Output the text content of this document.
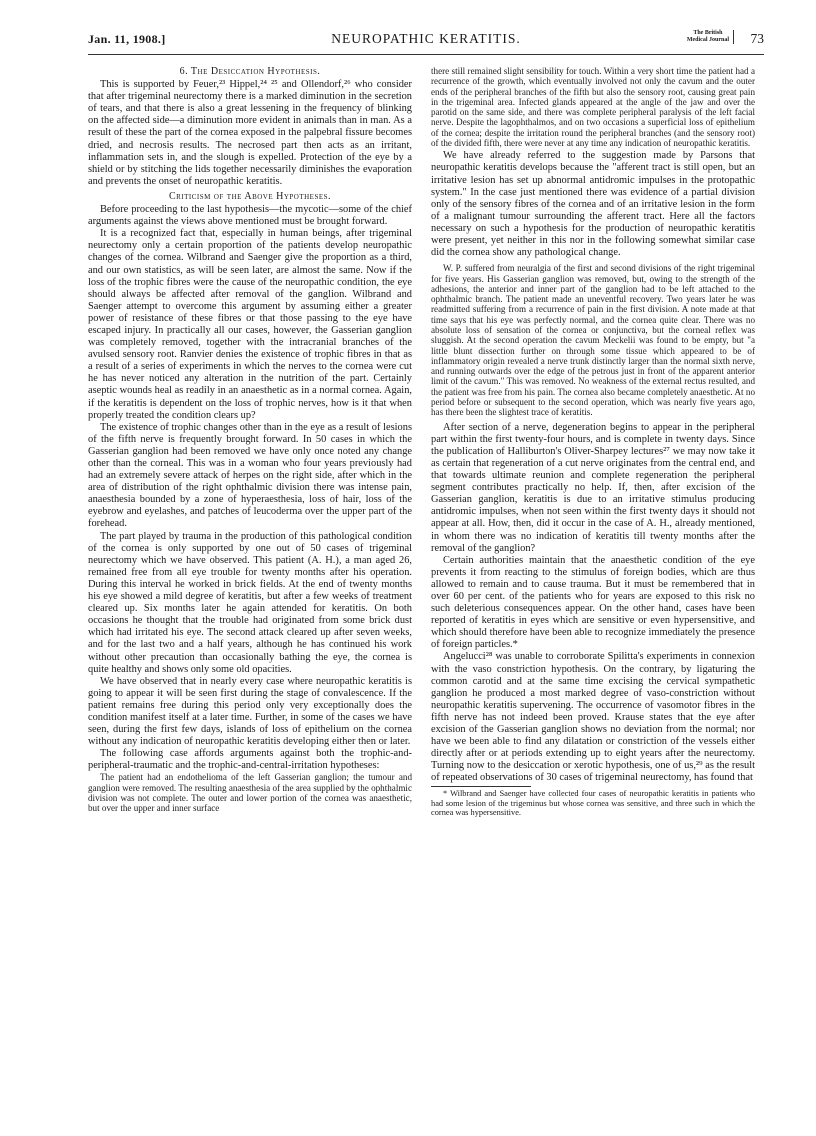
Jan. 11, 1908.]	NEUROPATHIC KERATITIS.	The British
Medical Journal	73
6. The Desiccation Hypothesis.

This is supported by Feuer,²³ Hippel,²⁴ ²⁵ and Ollendorf,²⁶ who consider that after trigeminal neurectomy there is a marked diminution in the secretion of tears, and that there is also a great lessening in the frequency of blinking on the affected side—a diminution more evident in animals than in man. As a result of these the part of the cornea exposed in the palpebral fissure becomes dried, and necrosis results. The necrosed part then acts as an irritant, inflammation sets in, and the slough is expelled. Protection of the eye by a shield or by stitching the lids together necessarily diminishes the evaporation and prevents the onset of neuropathic keratitis.

Criticism of the Above Hypotheses.

Before proceeding to the last hypothesis—the mycotic—some of the chief arguments against the views above mentioned must be brought forward.

It is a recognized fact that, especially in human beings, after trigeminal neurectomy only a certain proportion of the patients develop neuropathic changes of the cornea. Wilbrand and Saenger give the proportion as a third, and our own statistics, as will be seen later, are almost the same. Now if the loss of the trophic fibres were the cause of the neuropathic condition, the eye should always be affected after removal of the ganglion. Wilbrand and Saenger attempt to overcome this argument by assuming either a greater power of resistance of these fibres or that those passing to the eye have escaped injury. In practically all our cases, however, the Gasserian ganglion was completely removed, together with the intracranial branches of the avulsed sensory root. Ranvier denies the existence of trophic fibres in that as a result of a series of experiments in which the nerves to the cornea were cut he has never noticed any alteration in the nutrition of the part. Certainly aseptic wounds heal as readily in an anaesthetic as in a normal cornea. Again, if the keratitis is dependent on the loss of trophic nerves, how is it that when properly treated the condition clears up?

The existence of trophic changes other than in the eye as a result of lesions of the fifth nerve is frequently brought forward. In 50 cases in which the Gasserian ganglion had been removed we have only once noted any change other than the corneal. This was in a woman who four years previously had had an extremely severe attack of herpes on the right side, after which in the area of distribution of the right ophthalmic division there was intense pain, anaesthesia bounded by a zone of hyperaesthesia, loss of hair, loss of the eyebrow and eyelashes, and patches of leucoderma over the upper part of the forehead.

The part played by trauma in the production of this pathological condition of the cornea is only supported by one out of 50 cases of trigeminal neurectomy which we have observed. This patient (A. H.), a man aged 26, remained free from all eye trouble for twenty months after his operation. During this interval he worked in brick fields. At the end of twenty months his eye showed a mild degree of keratitis, but after a few weeks of treatment cleared up. Six months later he again attended for keratitis. On both occasions he thought that the trouble had originated from some brick dust which had irritated his eye. The second attack cleared up after seven weeks, and for the last two and a half years, although he has continued his work without other precaution than occasionally bathing the eye, the cornea is quite healthy and shows only some old opacities.

We have observed that in nearly every case where neuropathic keratitis is going to appear it will be seen first during the stage of convalescence. If the patient remains free during this period only very exceptionally does the condition manifest itself at a later time. Further, in some of the cases we have seen, during the first few days, islands of loss of epithelium on the cornea without any indication of neuropathic keratitis developing either then or later.

The following case affords arguments against both the trophic-and-peripheral-traumatic and the trophic-and-central-irritation hypotheses:

The patient had an endothelioma of the left Gasserian ganglion; the tumour and ganglion were removed. The resulting anaesthesia of the area supplied by the ophthalmic division was not complete. The outer and lower portion of the cornea was anaesthetic, but over the upper and inner surface

there still remained slight sensibility for touch. Within a very short time the patient had a recurrence of the growth, which eventually involved not only the cavum and the outer ends of the peripheral branches of the fifth but also the sensory root, causing great pain in the trigeminal area. Infected glands appeared at the angle of the jaw and over the parotid on the same side, and there was complete peripheral paralysis of the left facial nerve. Despite the lagophthalmos, and on two occasions a superficial loss of epithelium of the cornea; despite the irritation round the peripheral branches (and the sensory root) of the divided fifth, there were never at any time any indication of neuropathic keratitis.

We have already referred to the suggestion made by Parsons that neuropathic keratitis develops because the "afferent tract is still open, but an irritative lesion has set up abnormal antidromic impulses in the protopathic system." In the case just mentioned there was evidence of a partial division only of the sensory fibres of the cornea and of an irritative lesion in the form of a malignant tumour surrounding the afferent tract. Here all the factors necessary on such a hypothesis for the production of neuropathic keratitis were present, yet neither in this nor in the following somewhat similar case did the cornea show any pathological change.

W. P. suffered from neuralgia of the first and second divisions of the right trigeminal for five years. His Gasserian ganglion was removed, but, owing to the strength of the adhesions, the anterior and inner part of the ganglion had to be left attached to the ophthalmic branch. The patient made an uneventful recovery. Two years later he was readmitted suffering from a recurrence of pain in the first division. A note made at that time says that his eye was perfectly normal, and the cornea quite clear. There was no absolute loss of sensation of the cornea or conjunctiva, but the corneal reflex was sluggish. At the second operation the cavum Meckelii was found to be empty, but "a little blunt dissection further on through some tissue which appeared to be of inflammatory origin revealed a nerve trunk distinctly larger than the normal sixth nerve, and running outwards over the edge of the petrous just in front of the apparent anterior limit of the cavum." This was removed. No weakness of the external rectus resulted, and the patient was free from his pain. The cornea also became completely anaesthetic. At no period before or subsequent to the second operation, which was nearly five years ago, has there been the slightest trace of keratitis.

After section of a nerve, degeneration begins to appear in the peripheral part within the first twenty-four hours, and is complete in twenty days. Since the publication of Halliburton's Oliver-Sharpey lectures²⁷ we may now take it as certain that regeneration of a cut nerve originates from the central end, and that towards ultimate reunion and complete regeneration the peripheral segment contributes practically no help. If, then, after excision of the Gasserian ganglion, keratitis is due to an irritative stimulus producing antidromic impulses, when not seen within the first twenty days it should not appear at all. How, then, did it occur in the case of A. H., already mentioned, in whom there was no indication of keratitis till twenty months after the removal of the ganglion?

Certain authorities maintain that the anaesthetic condition of the eye prevents it from reacting to the stimulus of foreign bodies, which are thus allowed to remain and to cause trauma. But it must be remembered that in over 60 per cent. of the patients who for years are exposed to this risk no such deleterious consequences appear. On the other hand, cases have been reported of keratitis in eyes which are sensitive or even hypersensitive, and which should therefore have been able to recognize immediately the presence of foreign particles.*

Angelucci²⁸ was unable to corroborate Spilitta's experiments in connexion with the vaso constriction hypothesis. On the contrary, by ligaturing the common carotid and at the same time excising the cervical sympathetic ganglion he produced a most marked degree of vaso-constriction without neuropathic keratitis supervening. The occurrence of vasomotor fibres in the fifth nerve has not indeed been proved. Krause states that the eye after excision of the Gasserian ganglion shows no deviation from the normal; nor have we been able to find any dilatation or constriction of the vessels either directly after or at periods extending up to eight years after the neurectomy. Turning now to the desiccation or xerotic hypothesis, one of us,²⁹ as the result of repeated observations of 30 cases of trigeminal neurectomy, has found that

* Wilbrand and Saenger have collected four cases of neuropathic keratitis in patients who had some lesion of the trigeminus but whose cornea was sensitive, and three such in which the cornea was hypersensitive.
